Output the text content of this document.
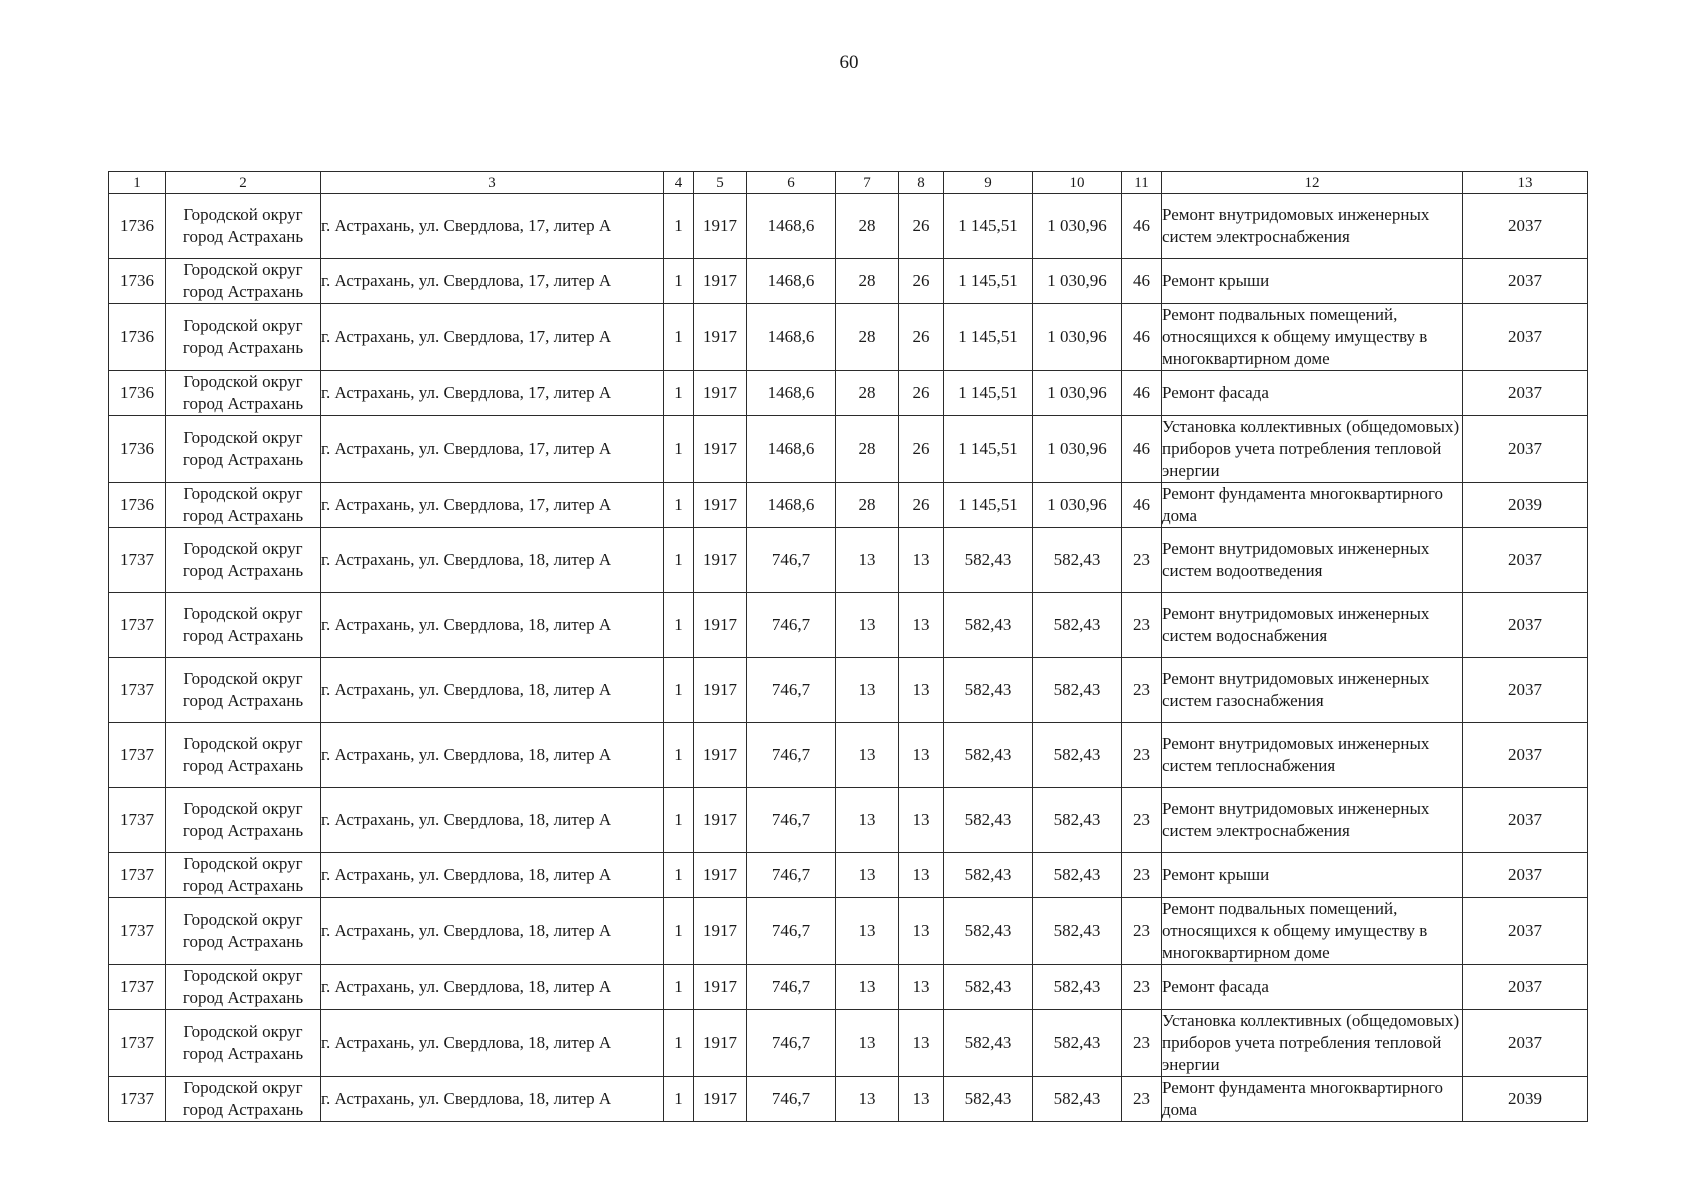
60
1	2	3	4	5	6	7	8	9	10	11	12	13
1736	Городской округ город Астрахань	г. Астрахань, ул. Свердлова, 17, литер А	1	1917	1468,6	28	26	1 145,51	1 030,96	46	Ремонт внутридомовых инженерных систем электроснабжения	2037
1736	Городской округ город Астрахань	г. Астрахань, ул. Свердлова, 17, литер А	1	1917	1468,6	28	26	1 145,51	1 030,96	46	Ремонт крыши	2037
1736	Городской округ город Астрахань	г. Астрахань, ул. Свердлова, 17, литер А	1	1917	1468,6	28	26	1 145,51	1 030,96	46	Ремонт подвальных помещений, относящихся к общему имуществу в многоквартирном доме	2037
1736	Городской округ город Астрахань	г. Астрахань, ул. Свердлова, 17, литер А	1	1917	1468,6	28	26	1 145,51	1 030,96	46	Ремонт фасада	2037
1736	Городской округ город Астрахань	г. Астрахань, ул. Свердлова, 17, литер А	1	1917	1468,6	28	26	1 145,51	1 030,96	46	Установка коллективных (общедомовых) приборов учета потребления тепловой энергии	2037
1736	Городской округ город Астрахань	г. Астрахань, ул. Свердлова, 17, литер А	1	1917	1468,6	28	26	1 145,51	1 030,96	46	Ремонт фундамента многоквартирного дома	2039
1737	Городской округ город Астрахань	г. Астрахань, ул. Свердлова, 18, литер А	1	1917	746,7	13	13	582,43	582,43	23	Ремонт внутридомовых инженерных систем водоотведения	2037
1737	Городской округ город Астрахань	г. Астрахань, ул. Свердлова, 18, литер А	1	1917	746,7	13	13	582,43	582,43	23	Ремонт внутридомовых инженерных систем водоснабжения	2037
1737	Городской округ город Астрахань	г. Астрахань, ул. Свердлова, 18, литер А	1	1917	746,7	13	13	582,43	582,43	23	Ремонт внутридомовых инженерных систем газоснабжения	2037
1737	Городской округ город Астрахань	г. Астрахань, ул. Свердлова, 18, литер А	1	1917	746,7	13	13	582,43	582,43	23	Ремонт внутридомовых инженерных систем теплоснабжения	2037
1737	Городской округ город Астрахань	г. Астрахань, ул. Свердлова, 18, литер А	1	1917	746,7	13	13	582,43	582,43	23	Ремонт внутридомовых инженерных систем электроснабжения	2037
1737	Городской округ город Астрахань	г. Астрахань, ул. Свердлова, 18, литер А	1	1917	746,7	13	13	582,43	582,43	23	Ремонт крыши	2037
1737	Городской округ город Астрахань	г. Астрахань, ул. Свердлова, 18, литер А	1	1917	746,7	13	13	582,43	582,43	23	Ремонт подвальных помещений, относящихся к общему имуществу в многоквартирном доме	2037
1737	Городской округ город Астрахань	г. Астрахань, ул. Свердлова, 18, литер А	1	1917	746,7	13	13	582,43	582,43	23	Ремонт фасада	2037
1737	Городской округ город Астрахань	г. Астрахань, ул. Свердлова, 18, литер А	1	1917	746,7	13	13	582,43	582,43	23	Установка коллективных (общедомовых) приборов учета потребления тепловой энергии	2037
1737	Городской округ город Астрахань	г. Астрахань, ул. Свердлова, 18, литер А	1	1917	746,7	13	13	582,43	582,43	23	Ремонт фундамента многоквартирного дома	2039
